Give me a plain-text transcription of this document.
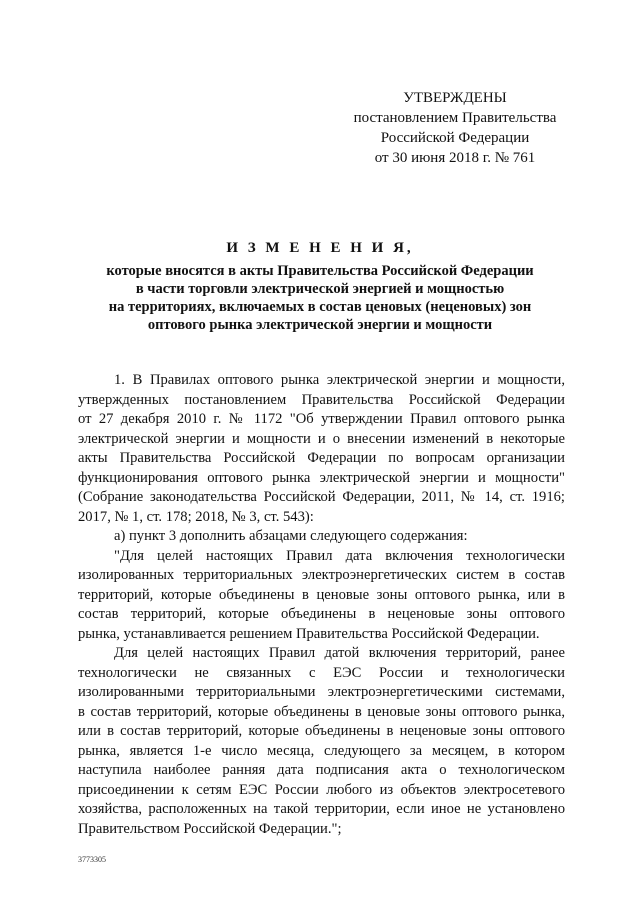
УТВЕРЖДЕНЫ
постановлением Правительства
Российской Федерации
от 30 июня 2018 г. № 761
И З М Е Н Е Н И Я,
которые вносятся в акты Правительства Российской Федерации
в части торговли электрической энергией и мощностью
на территориях, включаемых в состав ценовых (неценовых) зон
оптового рынка электрической энергии и мощности
1. В Правилах оптового рынка электрической энергии и мощности,
утвержденных постановлением Правительства Российской Федерации
от 27 декабря 2010 г. № 1172 "Об утверждении Правил оптового рынка
электрической энергии и мощности и о внесении изменений в некоторые
акты Правительства Российской Федерации по вопросам организации
функционирования оптового рынка электрической энергии и мощности"
(Собрание законодательства Российской Федерации, 2011, № 14, ст. 1916;
2017, № 1, ст. 178; 2018, № 3, ст. 543):
а) пункт 3 дополнить абзацами следующего содержания:
"Для целей настоящих Правил дата включения технологически
изолированных территориальных электроэнергетических систем в состав
территорий, которые объединены в ценовые зоны оптового рынка, или в
состав территорий, которые объединены в неценовые зоны оптового
рынка, устанавливается решением Правительства Российской Федерации.
Для целей настоящих Правил датой включения территорий, ранее
технологически не связанных с ЕЭС России и технологически
изолированными территориальными электроэнергетическими системами,
в состав территорий, которые объединены в ценовые зоны оптового рынка,
или в состав территорий, которые объединены в неценовые зоны оптового
рынка, является 1-е число месяца, следующего за месяцем, в котором
наступила наиболее ранняя дата подписания акта о технологическом
присоединении к сетям ЕЭС России любого из объектов электросетевого
хозяйства, расположенных на такой территории, если иное не установлено
Правительством Российской Федерации.";
3773305
